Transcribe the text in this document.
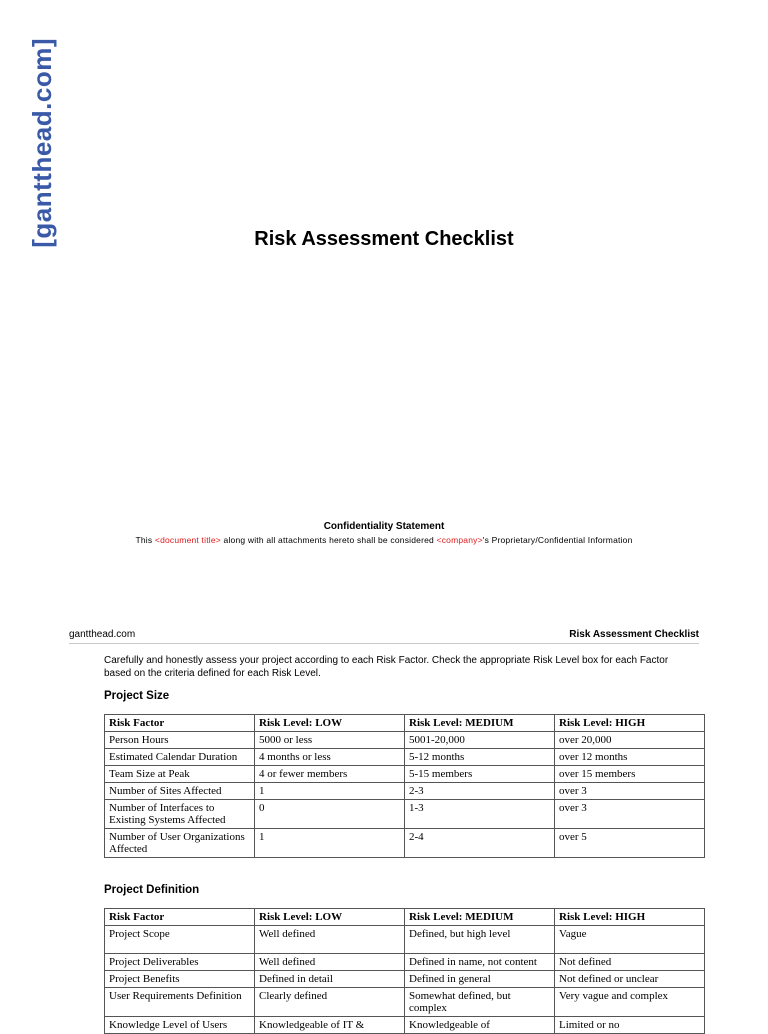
[gantthead.com]	Risk Assessment Checklist
Confidentiality Statement
This <document title> along with all attachments hereto shall be considered <company>'s Proprietary/Confidential Information
gantthead.com	Risk Assessment Checklist
Carefully and honestly assess your project according to each Risk Factor. Check the appropriate Risk Level box for each Factor based on the criteria defined for each Risk Level.
Project Size
Risk Factor	Risk Level: LOW	Risk Level: MEDIUM	Risk Level: HIGH
Person Hours	5000 or less	5001-20,000	over 20,000
Estimated Calendar Duration	4 months or less	5-12 months	over 12 months
Team Size at Peak	4 or fewer members	5-15 members	over 15 members
Number of Sites Affected	1	2-3	over 3
Number of Interfaces to Existing Systems Affected	0	1-3	over 3
Number of User Organizations Affected	1	2-4	over 5
Project Definition
Risk Factor	Risk Level: LOW	Risk Level: MEDIUM	Risk Level: HIGH
Project Scope	Well defined	Defined, but high level	Vague
Project Deliverables	Well defined	Defined in name, not content	Not defined
Project Benefits	Defined in detail	Defined in general	Not defined or unclear
User Requirements Definition	Clearly defined	Somewhat defined, but complex	Very vague and complex
Knowledge Level of Users	Knowledgeable of IT &	Knowledgeable of	Limited or no
